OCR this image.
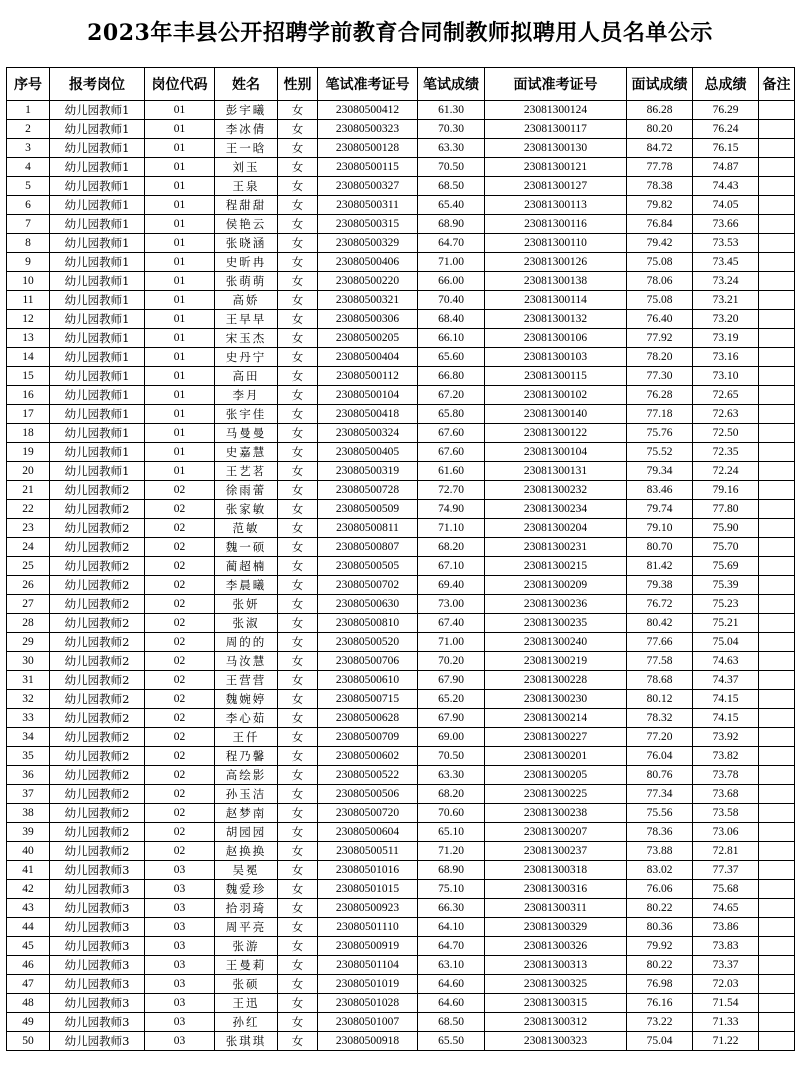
2023年丰县公开招聘学前教育合同制教师拟聘用人员名单公示
序号	报考岗位	岗位代码	姓名	性别	笔试准考证号	笔试成绩	面试准考证号	面试成绩	总成绩	备注
1	幼儿园教师1	01	彭宇曦	女	23080500412	61.30	23081300124	86.28	76.29	
2	幼儿园教师1	01	李冰倩	女	23080500323	70.30	23081300117	80.20	76.24	
3	幼儿园教师1	01	王一晗	女	23080500128	63.30	23081300130	84.72	76.15	
4	幼儿园教师1	01	刘玉	女	23080500115	70.50	23081300121	77.78	74.87	
5	幼儿园教师1	01	王泉	女	23080500327	68.50	23081300127	78.38	74.43	
6	幼儿园教师1	01	程甜甜	女	23080500311	65.40	23081300113	79.82	74.05	
7	幼儿园教师1	01	侯艳云	女	23080500315	68.90	23081300116	76.84	73.66	
8	幼儿园教师1	01	张晓涵	女	23080500329	64.70	23081300110	79.42	73.53	
9	幼儿园教师1	01	史昕冉	女	23080500406	71.00	23081300126	75.08	73.45	
10	幼儿园教师1	01	张萌萌	女	23080500220	66.00	23081300138	78.06	73.24	
11	幼儿园教师1	01	高娇	女	23080500321	70.40	23081300114	75.08	73.21	
12	幼儿园教师1	01	王早早	女	23080500306	68.40	23081300132	76.40	73.20	
13	幼儿园教师1	01	宋玉杰	女	23080500205	66.10	23081300106	77.92	73.19	
14	幼儿园教师1	01	史丹宁	女	23080500404	65.60	23081300103	78.20	73.16	
15	幼儿园教师1	01	高田	女	23080500112	66.80	23081300115	77.30	73.10	
16	幼儿园教师1	01	李月	女	23080500104	67.20	23081300102	76.28	72.65	
17	幼儿园教师1	01	张宇佳	女	23080500418	65.80	23081300140	77.18	72.63	
18	幼儿园教师1	01	马曼曼	女	23080500324	67.60	23081300122	75.76	72.50	
19	幼儿园教师1	01	史嘉慧	女	23080500405	67.60	23081300104	75.52	72.35	
20	幼儿园教师1	01	王艺茗	女	23080500319	61.60	23081300131	79.34	72.24	
21	幼儿园教师2	02	徐雨蕾	女	23080500728	72.70	23081300232	83.46	79.16	
22	幼儿园教师2	02	张家敏	女	23080500509	74.90	23081300234	79.74	77.80	
23	幼儿园教师2	02	范敏	女	23080500811	71.10	23081300204	79.10	75.90	
24	幼儿园教师2	02	魏一硕	女	23080500807	68.20	23081300231	80.70	75.70	
25	幼儿园教师2	02	蔺超楠	女	23080500505	67.10	23081300215	81.42	75.69	
26	幼儿园教师2	02	李晨曦	女	23080500702	69.40	23081300209	79.38	75.39	
27	幼儿园教师2	02	张妍	女	23080500630	73.00	23081300236	76.72	75.23	
28	幼儿园教师2	02	张淑	女	23080500810	67.40	23081300235	80.42	75.21	
29	幼儿园教师2	02	周的的	女	23080500520	71.00	23081300240	77.66	75.04	
30	幼儿园教师2	02	马汝慧	女	23080500706	70.20	23081300219	77.58	74.63	
31	幼儿园教师2	02	王营营	女	23080500610	67.90	23081300228	78.68	74.37	
32	幼儿园教师2	02	魏婉婷	女	23080500715	65.20	23081300230	80.12	74.15	
33	幼儿园教师2	02	李心茹	女	23080500628	67.90	23081300214	78.32	74.15	
34	幼儿园教师2	02	王仟	女	23080500709	69.00	23081300227	77.20	73.92	
35	幼儿园教师2	02	程乃馨	女	23080500602	70.50	23081300201	76.04	73.82	
36	幼儿园教师2	02	高绘影	女	23080500522	63.30	23081300205	80.76	73.78	
37	幼儿园教师2	02	孙玉洁	女	23080500506	68.20	23081300225	77.34	73.68	
38	幼儿园教师2	02	赵梦南	女	23080500720	70.60	23081300238	75.56	73.58	
39	幼儿园教师2	02	胡园园	女	23080500604	65.10	23081300207	78.36	73.06	
40	幼儿园教师2	02	赵换换	女	23080500511	71.20	23081300237	73.88	72.81	
41	幼儿园教师3	03	吴冕	女	23080501016	68.90	23081300318	83.02	77.37	
42	幼儿园教师3	03	魏爱珍	女	23080501015	75.10	23081300316	76.06	75.68	
43	幼儿园教师3	03	拾羽琦	女	23080500923	66.30	23081300311	80.22	74.65	
44	幼儿园教师3	03	周平亮	女	23080501110	64.10	23081300329	80.36	73.86	
45	幼儿园教师3	03	张游	女	23080500919	64.70	23081300326	79.92	73.83	
46	幼儿园教师3	03	王曼莉	女	23080501104	63.10	23081300313	80.22	73.37	
47	幼儿园教师3	03	张硕	女	23080501019	64.60	23081300325	76.98	72.03	
48	幼儿园教师3	03	王迅	女	23080501028	64.60	23081300315	76.16	71.54	
49	幼儿园教师3	03	孙红	女	23080501007	68.50	23081300312	73.22	71.33	
50	幼儿园教师3	03	张琪琪	女	23080500918	65.50	23081300323	75.04	71.22	
